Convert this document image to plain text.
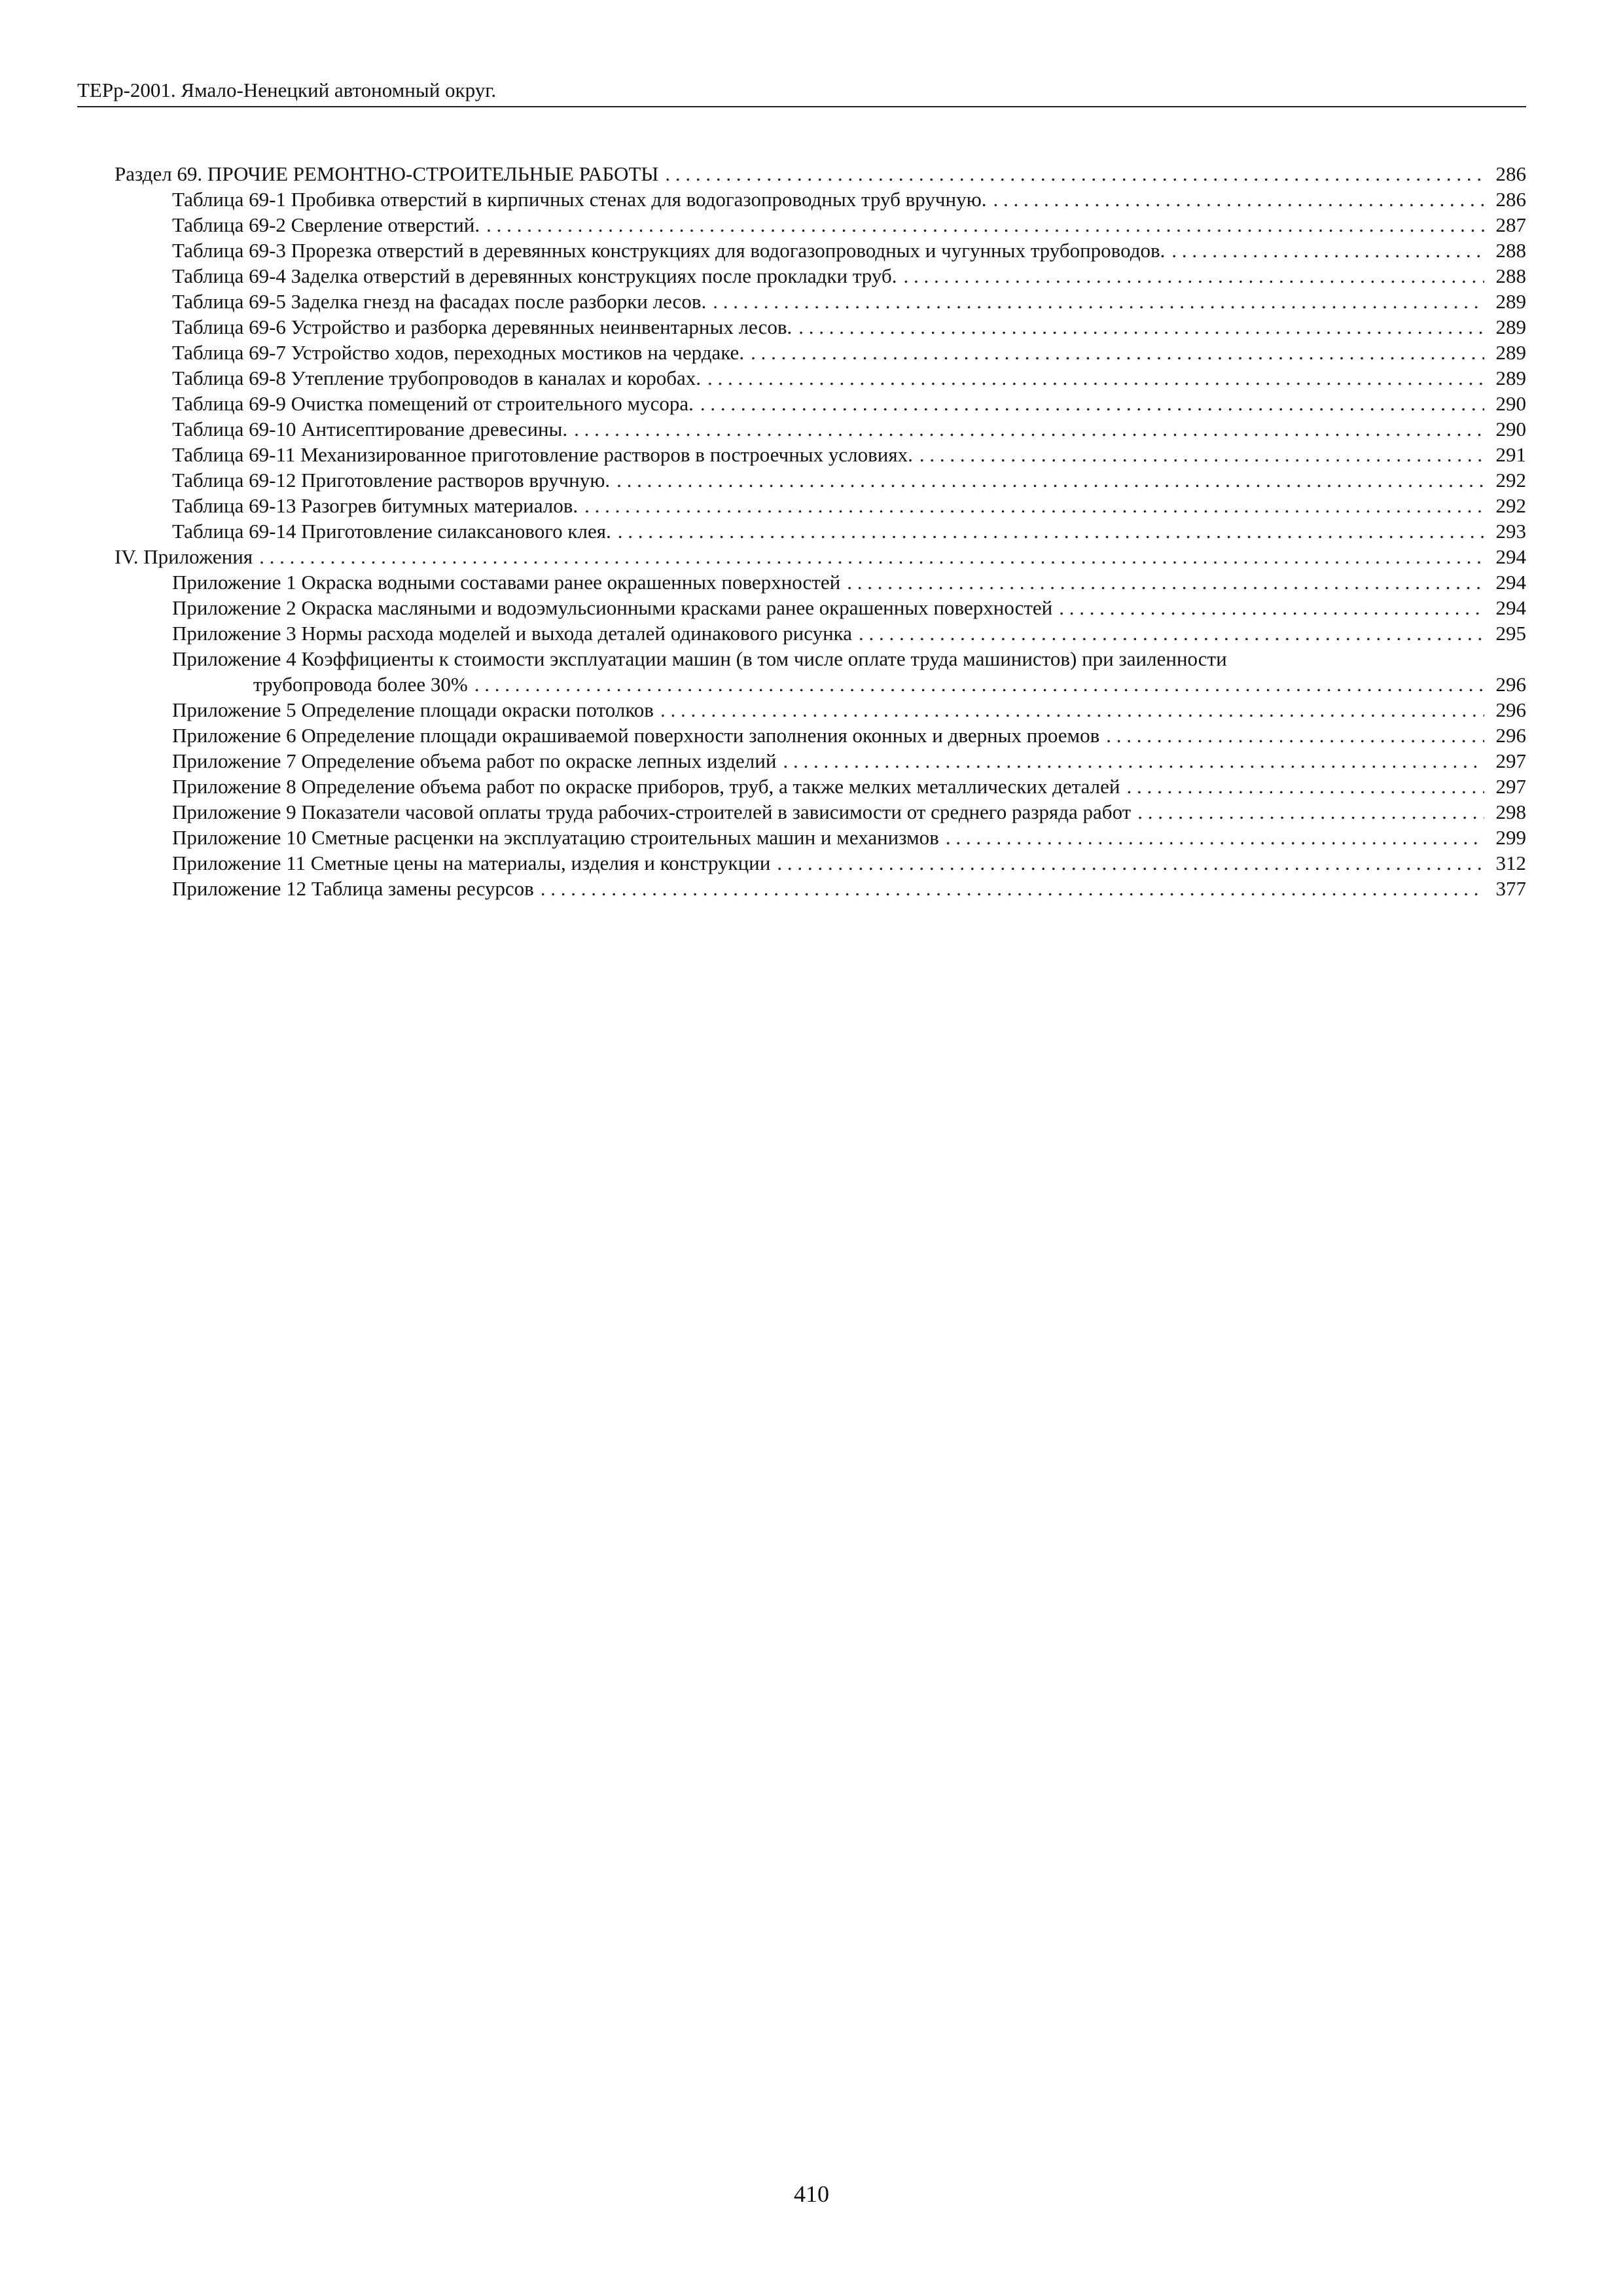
ТЕРр-2001. Ямало-Ненецкий автономный округ.
Раздел 69. ПРОЧИЕ РЕМОНТНО-СТРОИТЕЛЬНЫЕ РАБОТЫ . . .	286
Таблица 69-1 Пробивка отверстий в кирпичных стенах для водогазопроводных труб вручную. . . .	286
Таблица 69-2 Сверление отверстий. . . .	287
Таблица 69-3 Прорезка отверстий в деревянных конструкциях для водогазопроводных и чугунных трубопроводов. . . .	288
Таблица 69-4 Заделка отверстий в деревянных конструкциях после прокладки труб. . . .	288
Таблица 69-5 Заделка гнезд на фасадах после разборки лесов. . . .	289
Таблица 69-6 Устройство и разборка деревянных неинвентарных лесов. . . .	289
Таблица 69-7 Устройство ходов, переходных мостиков на чердаке. . . .	289
Таблица 69-8 Утепление трубопроводов в каналах и коробах. . . .	289
Таблица 69-9 Очистка помещений от строительного мусора. . . .	290
Таблица 69-10 Антисептирование древесины. . . .	290
Таблица 69-11 Механизированное приготовление растворов в построечных условиях. . . .	291
Таблица 69-12 Приготовление растворов вручную. . . .	292
Таблица 69-13 Разогрев битумных материалов. . . .	292
Таблица 69-14 Приготовление силаксанового клея. . . .	293
IV. Приложения . . .	294
Приложение 1 Окраска водными составами ранее окрашенных поверхностей . . .	294
Приложение 2 Окраска масляными и водоэмульсионными красками ранее окрашенных поверхностей . . .	294
Приложение 3 Нормы расхода моделей и выхода деталей одинакового рисунка . . .	295
Приложение 4 Коэффициенты к стоимости эксплуатации машин (в том числе оплате труда машинистов) при заиленности
трубопровода более 30% . . .	296
Приложение 5 Определение площади окраски потолков . . .	296
Приложение 6 Определение площади окрашиваемой поверхности заполнения оконных и дверных проемов . . .	296
Приложение 7 Определение объема работ по окраске лепных изделий . . .	297
Приложение 8 Определение объема работ по окраске приборов, труб, а также мелких металлических деталей . . .	297
Приложение 9 Показатели часовой оплаты труда рабочих-строителей в зависимости от среднего разряда работ . . .	298
Приложение 10 Сметные расценки на эксплуатацию строительных машин и механизмов . . .	299
Приложение 11 Сметные цены на материалы, изделия и конструкции . . .	312
Приложение 12 Таблица замены ресурсов . . .	377
410
